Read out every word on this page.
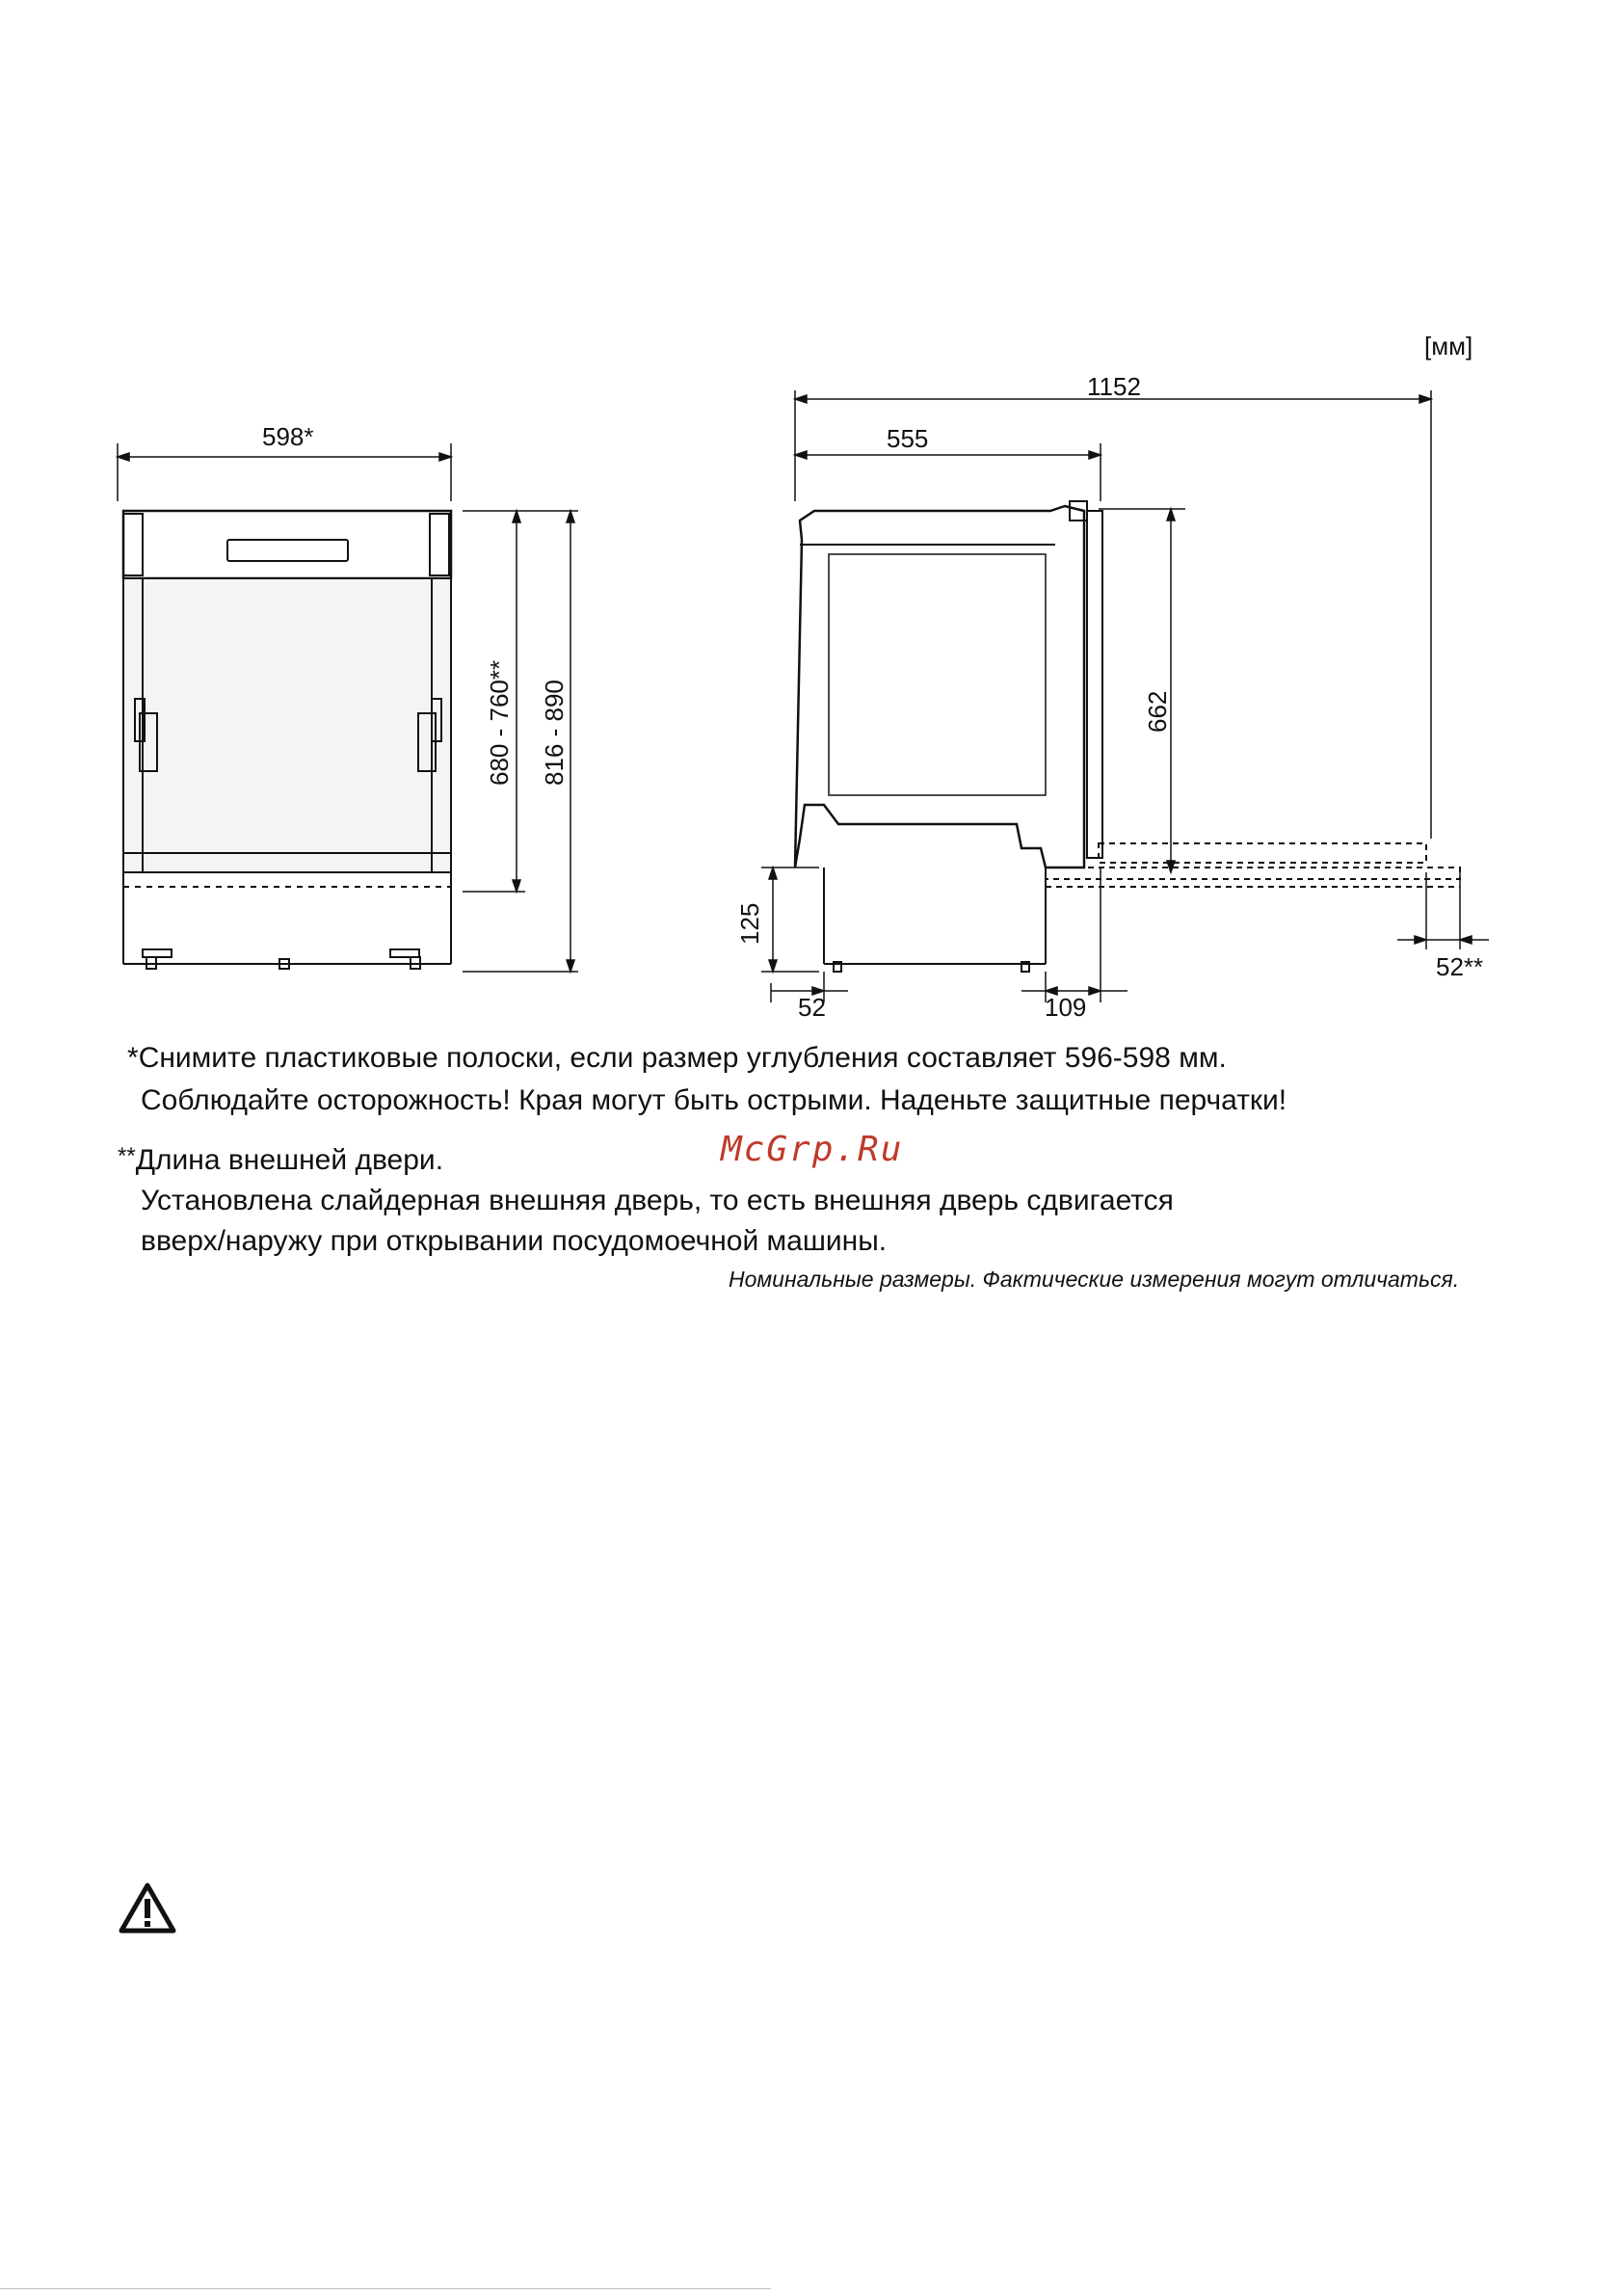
[мм]
598*
680 - 760** 816 - 890
1152
555
662
125
52	109
52**
*Снимите пластиковые полоски, если размер углубления составляет 596-598 мм.
Соблюдайте осторожность! Края могут быть острыми. Наденьте защитные перчатки!
**Длина внешней двери.
Установлена слайдерная внешняя дверь, то есть внешняя дверь сдвигается
вверх/наружу при открывании посудомоечной машины.
McGrp.Ru
Номинальные размеры. Фактические измерения могут отличаться.
